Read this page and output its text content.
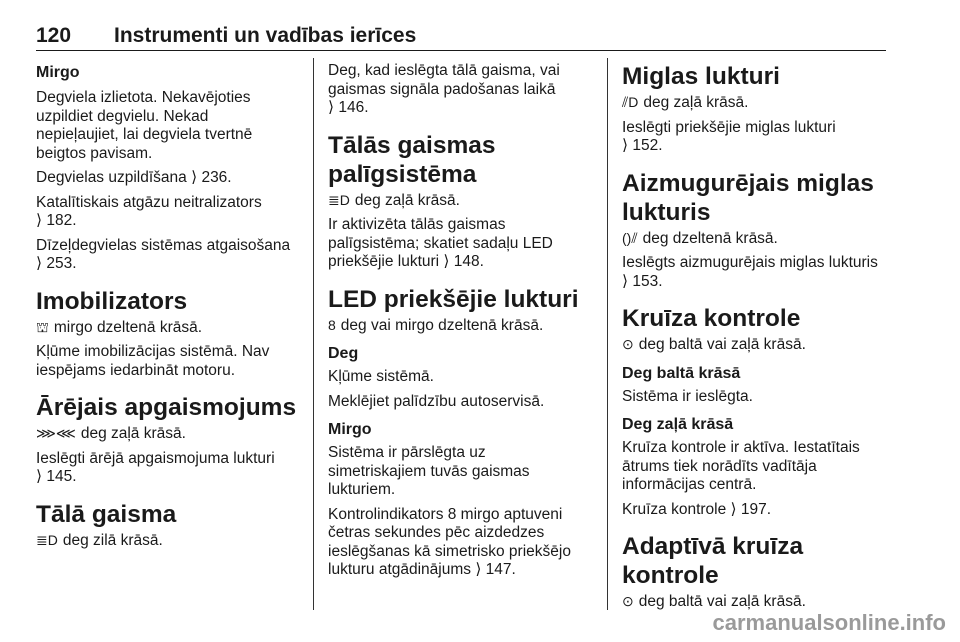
120 Instrumenti un vadības ierīces
Mirgo
Degviela izlietota. Nekavējoties
uzpildiet degvielu. Nekad
nepieļaujiet, lai degviela tvertnē
beigtos pavisam.
Degvielas uzpildīšana ⟩ 236.
Katalītiskais atgāzu neitralizators
⟩ 182.
Dīzeļdegvielas sistēmas atgaisošana
⟩ 253.
Imobilizators
⛫ mirgo dzeltenā krāsā.
Kļūme imobilizācijas sistēmā. Nav
iespējams iedarbināt motoru.
Ārējais apgaismojums
⋙⋘ deg zaļā krāsā.
Ieslēgti ārējā apgaismojuma lukturi
⟩ 145.
Tālā gaisma
≣D deg zilā krāsā.
Deg, kad ieslēgta tālā gaisma, vai
gaismas signāla padošanas laikā
⟩ 146.
Tālās gaismas palīgsistēma
≣D deg zaļā krāsā.
Ir aktivizēta tālās gaismas
palīgsistēma; skatiet sadaļu LED
priekšējie lukturi ⟩ 148.
LED priekšējie lukturi
8 deg vai mirgo dzeltenā krāsā.
Deg
Kļūme sistēmā.
Meklējiet palīdzību autoservisā.
Mirgo
Sistēma ir pārslēgta uz
simetriskajiem tuvās gaismas
lukturiem.
Kontrolindikators 8 mirgo aptuveni
četras sekundes pēc aizdedzes
ieslēgšanas kā simetrisko priekšējo
lukturu atgādinājums ⟩ 147.
Miglas lukturi
⫽D deg zaļā krāsā.
Ieslēgti priekšējie miglas lukturi
⟩ 152.
Aizmugurējais miglas
lukturis
()⫽ deg dzeltenā krāsā.
Ieslēgts aizmugurējais miglas lukturis
⟩ 153.
Kruīza kontrole
⊙ deg baltā vai zaļā krāsā.
Deg baltā krāsā
Sistēma ir ieslēgta.
Deg zaļā krāsā
Kruīza kontrole ir aktīva. Iestatītais
ātrums tiek norādīts vadītāja
informācijas centrā.
Kruīza kontrole ⟩ 197.
Adaptīvā kruīza kontrole
⊙ deg baltā vai zaļā krāsā.
carmanualsonline.info
